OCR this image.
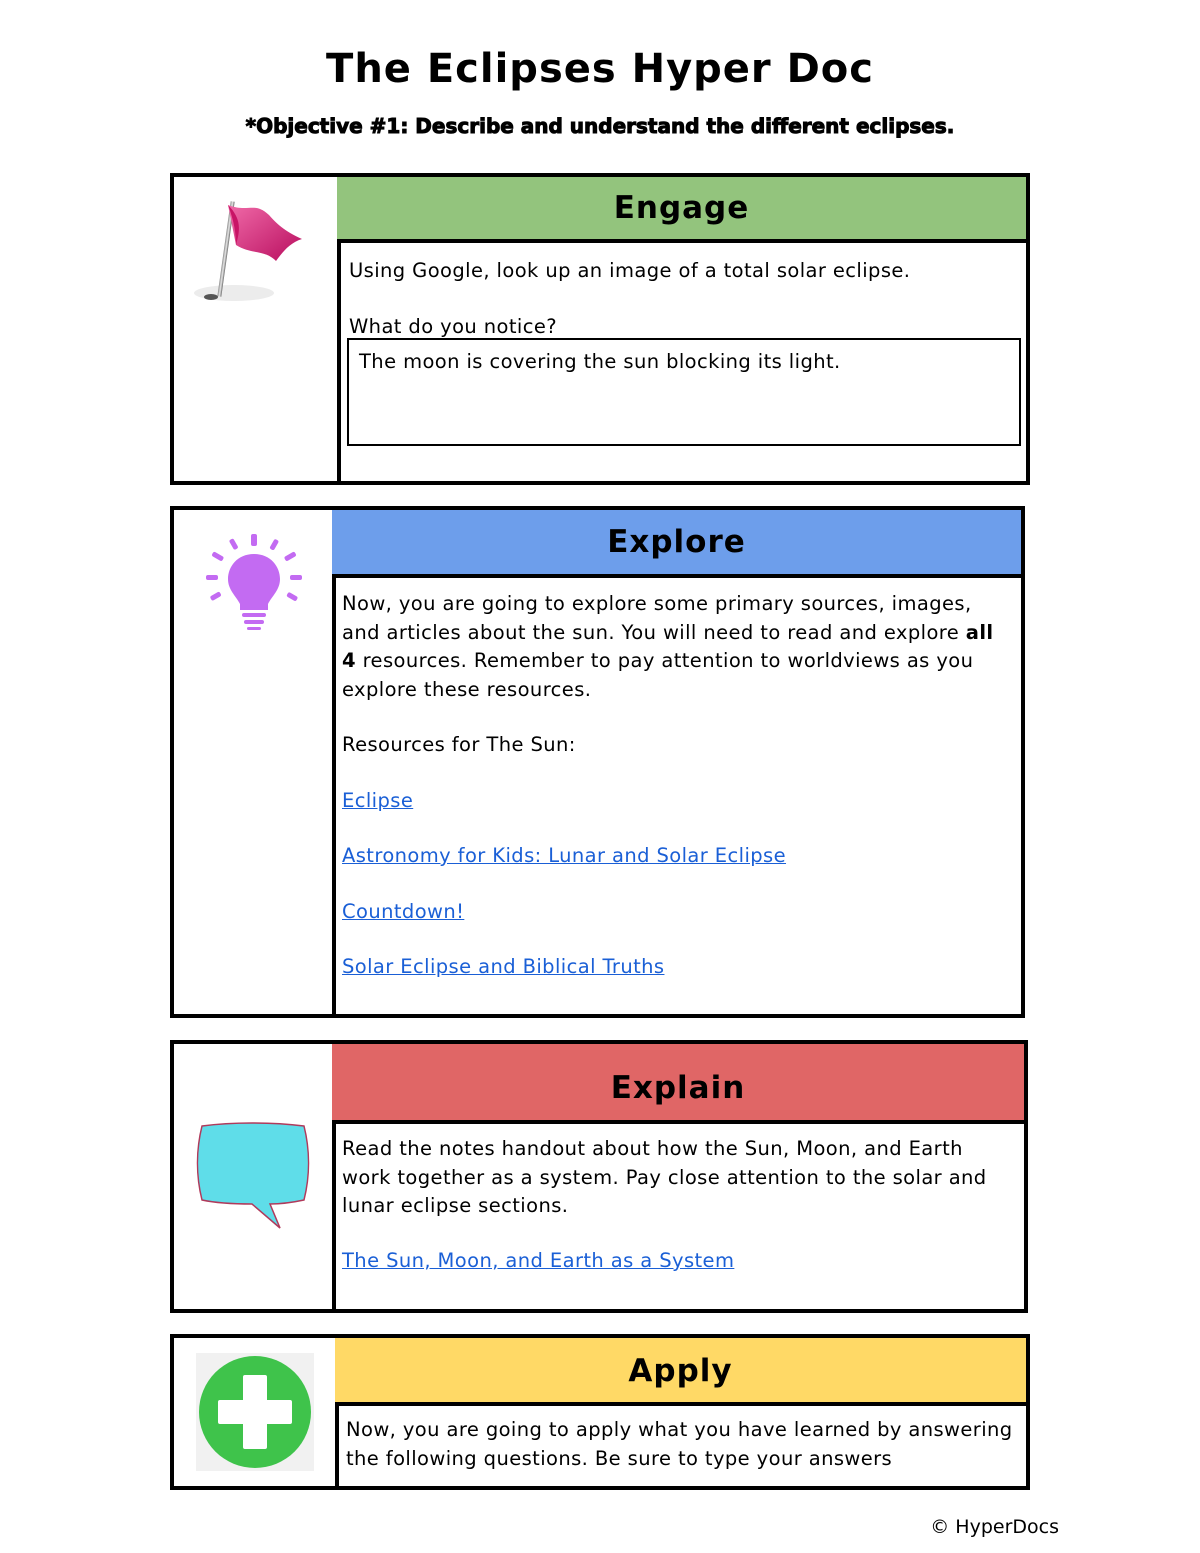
The Eclipses Hyper Doc
*Objective #1: Describe and understand the different eclipses.
Engage
Using Google, look up an image of a total solar eclipse.
What do you notice?
The moon is covering the sun blocking its light.
Explore

Now, you are going to explore some primary sources, images, and articles about the sun. You will need to read and explore all 4 resources. Remember to pay attention to worldviews as you explore these resources.

Resources for The Sun:

Eclipse

Astronomy for Kids: Lunar and Solar Eclipse

Countdown!

Solar Eclipse and Biblical Truths

Explain
Read the notes handout about how the Sun, Moon, and Earth work together as a system. Pay close attention to the solar and lunar eclipse sections.
The Sun, Moon, and Earth as a System
Apply
Now, you are going to apply what you have learned by answering the following questions. Be sure to type your answers
© HyperDocs
